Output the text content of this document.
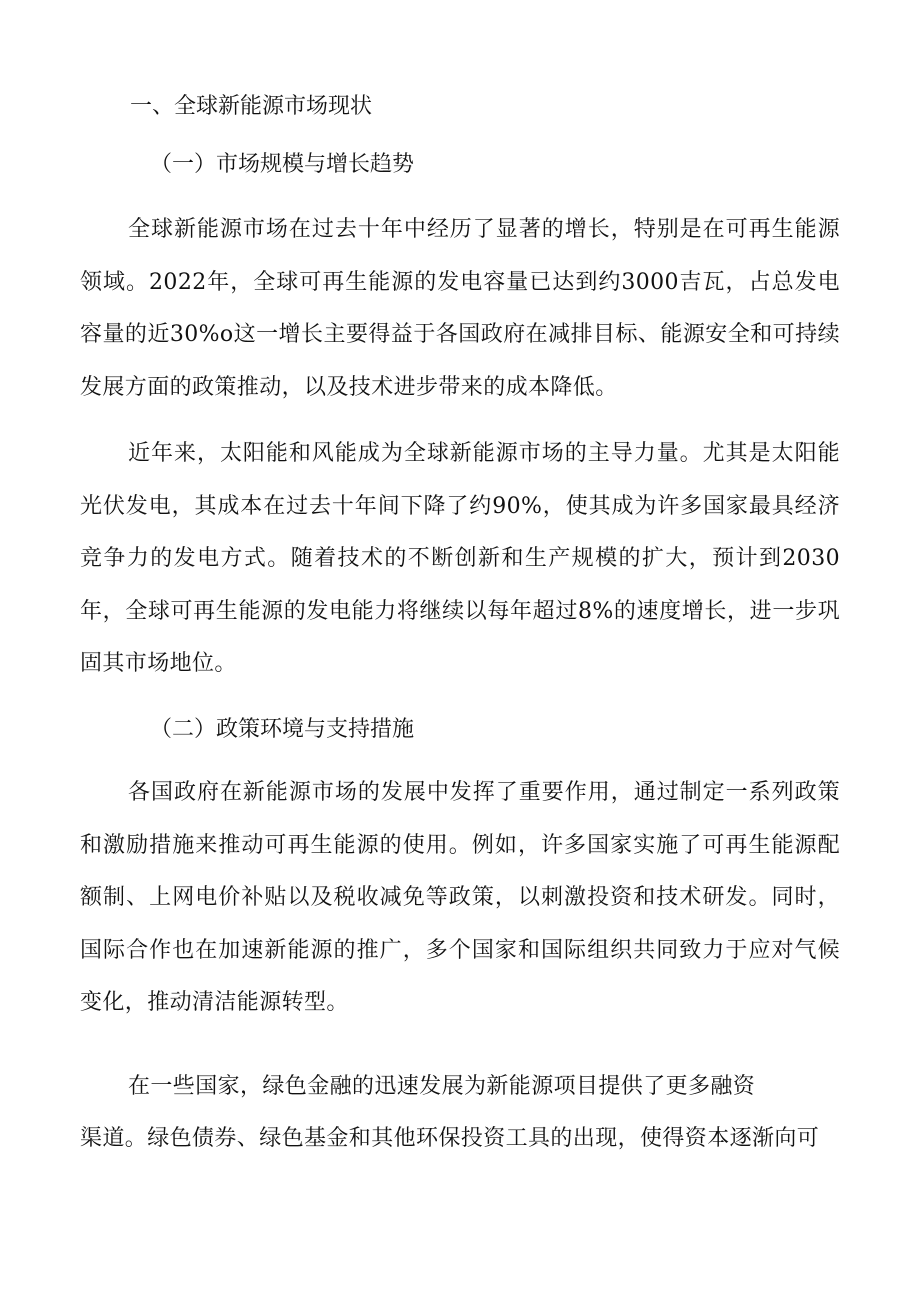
一、全球新能源市场现状
（一）市场规模与增长趋势

全球新能源市场在过去十年中经历了显著的增长，特别是在可再生能源领域。2022年，全球可再生能源的发电容量已达到约3000吉瓦，占总发电容量的近30%o这一增长主要得益于各国政府在减排目标、能源安全和可持续发展方面的政策推动，以及技术进步带来的成本降低。

近年来，太阳能和风能成为全球新能源市场的主导力量。尤其是太阳能光伏发电，其成本在过去十年间下降了约90%，使其成为许多国家最具经济竞争力的发电方式。随着技术的不断创新和生产规模的扩大，预计到2030年，全球可再生能源的发电能力将继续以每年超过8%的速度增长，进一步巩固其市场地位。

（二）政策环境与支持措施

各国政府在新能源市场的发展中发挥了重要作用，通过制定一系列政策和激励措施来推动可再生能源的使用。例如，许多国家实施了可再生能源配额制、上网电价补贴以及税收减免等政策，以刺激投资和技术研发。同时，国际合作也在加速新能源的推广，多个国家和国际组织共同致力于应对气候变化，推动清洁能源转型。

在一些国家，绿色金融的迅速发展为新能源项目提供了更多融资
渠道。绿色债券、绿色基金和其他环保投资工具的出现，使得资本逐渐向可
